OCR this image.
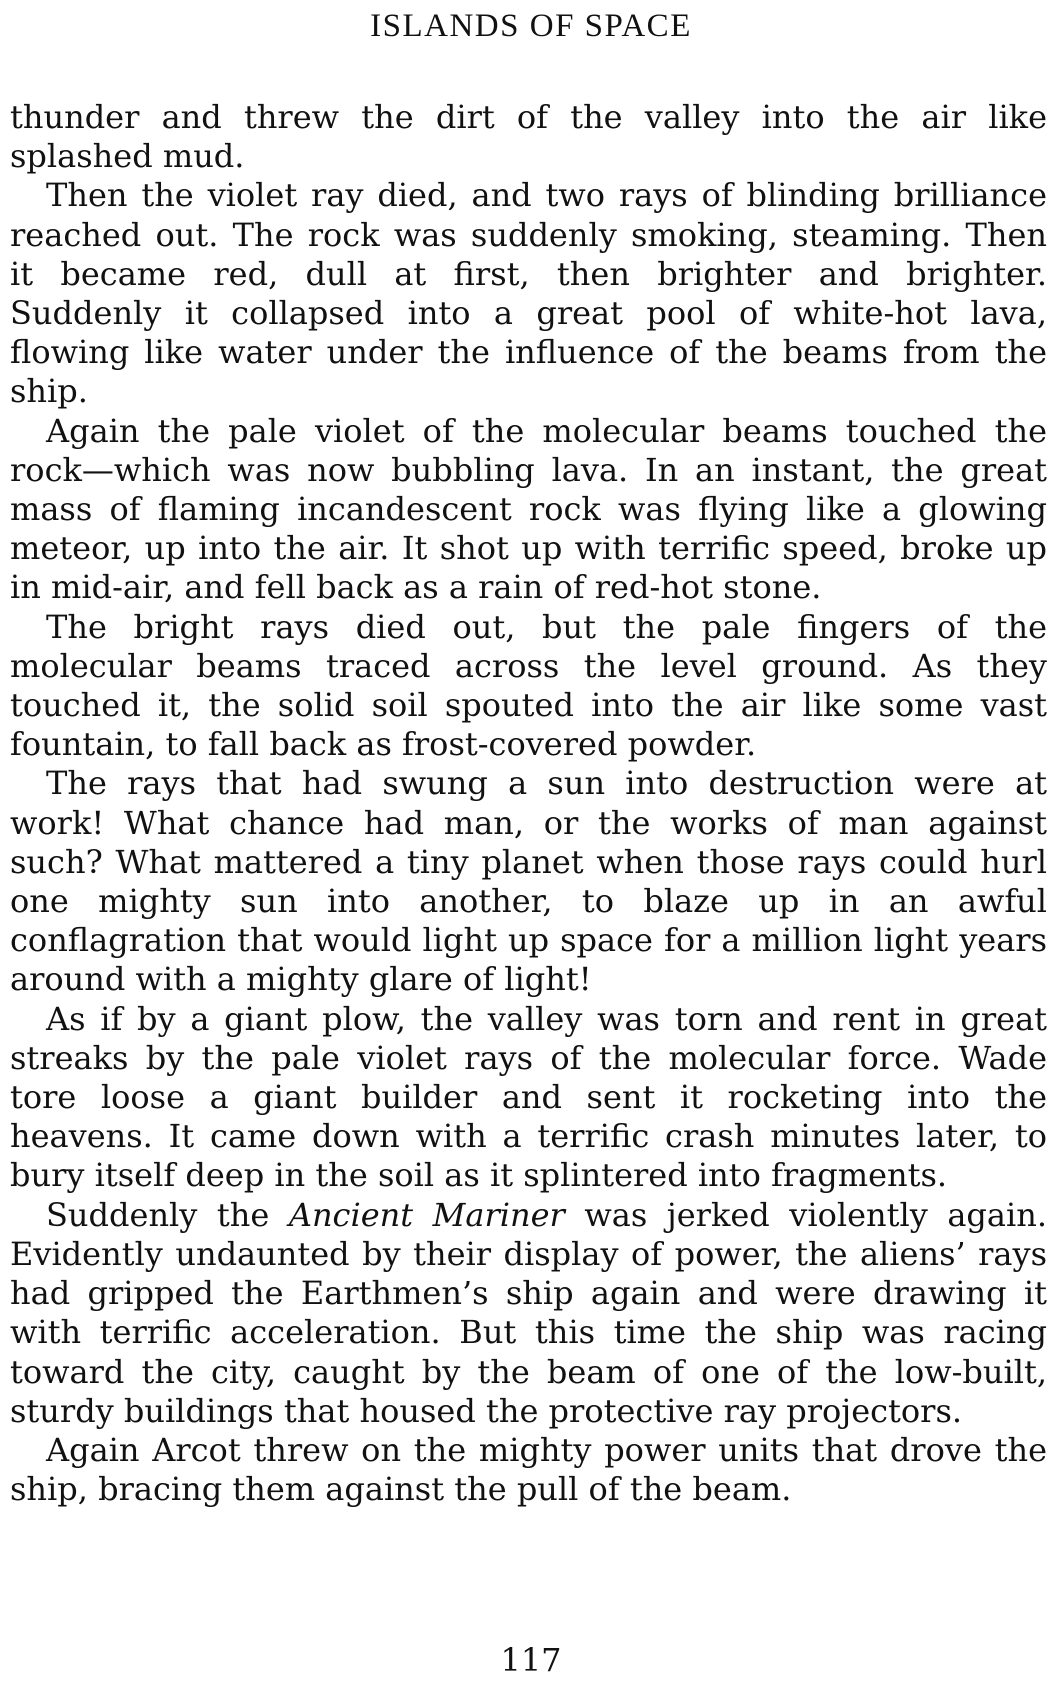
ISLANDS OF SPACE

thunder and threw the dirt of the valley into the air like splashed mud.

Then the violet ray died, and two rays of blinding brilliance reached out. The rock was suddenly smoking, steaming. Then it became red, dull at first, then brighter and brighter. Suddenly it collapsed into a great pool of white-hot lava, flowing like water under the influence of the beams from the ship.

Again the pale violet of the molecular beams touched the rock—which was now bubbling lava. In an instant, the great mass of flaming incandescent rock was flying like a glowing meteor, up into the air. It shot up with terrific speed, broke up in mid-air, and fell back as a rain of red-hot stone.

The bright rays died out, but the pale fingers of the molecular beams traced across the level ground. As they touched it, the solid soil spouted into the air like some vast fountain, to fall back as frost-covered powder.

The rays that had swung a sun into destruction were at work! What chance had man, or the works of man against such? What mattered a tiny planet when those rays could hurl one mighty sun into another, to blaze up in an awful conflagration that would light up space for a million light years around with a mighty glare of light!

As if by a giant plow, the valley was torn and rent in great streaks by the pale violet rays of the molecular force. Wade tore loose a giant builder and sent it rocketing into the heavens. It came down with a terrific crash minutes later, to bury itself deep in the soil as it splintered into fragments.

Suddenly the Ancient Mariner was jerked violently again. Evidently undaunted by their display of power, the aliens’ rays had gripped the Earthmen’s ship again and were drawing it with terrific acceleration. But this time the ship was racing toward the city, caught by the beam of one of the low-built, sturdy buildings that housed the protective ray projectors.

Again Arcot threw on the mighty power units that drove the ship, bracing them against the pull of the beam.

117
